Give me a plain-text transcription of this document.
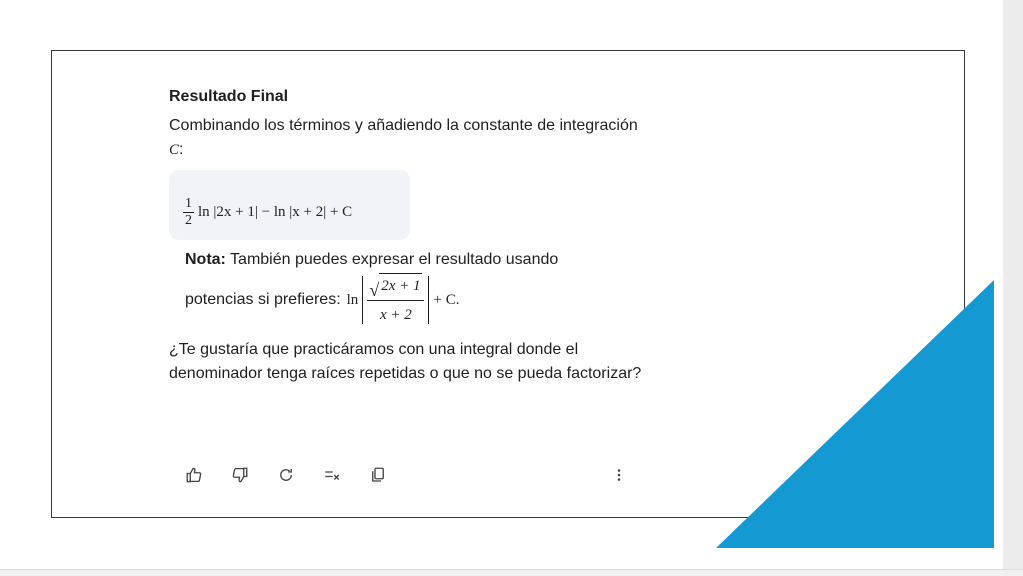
Resultado Final

Combinando los términos y añadiendo la constante de integración C:

$\frac{1}{2}$ ln |2x + 1| − ln |x + 2| + C
Nota: También puedes expresar el resultado usando
potencias si prefieres: $\ln \frac{√ 2x + 1}{x + 2} + C$.

¿Te gustaría que practicáramos con una integral donde el denominador tenga raíces repetidas o que no se pueda factorizar?
